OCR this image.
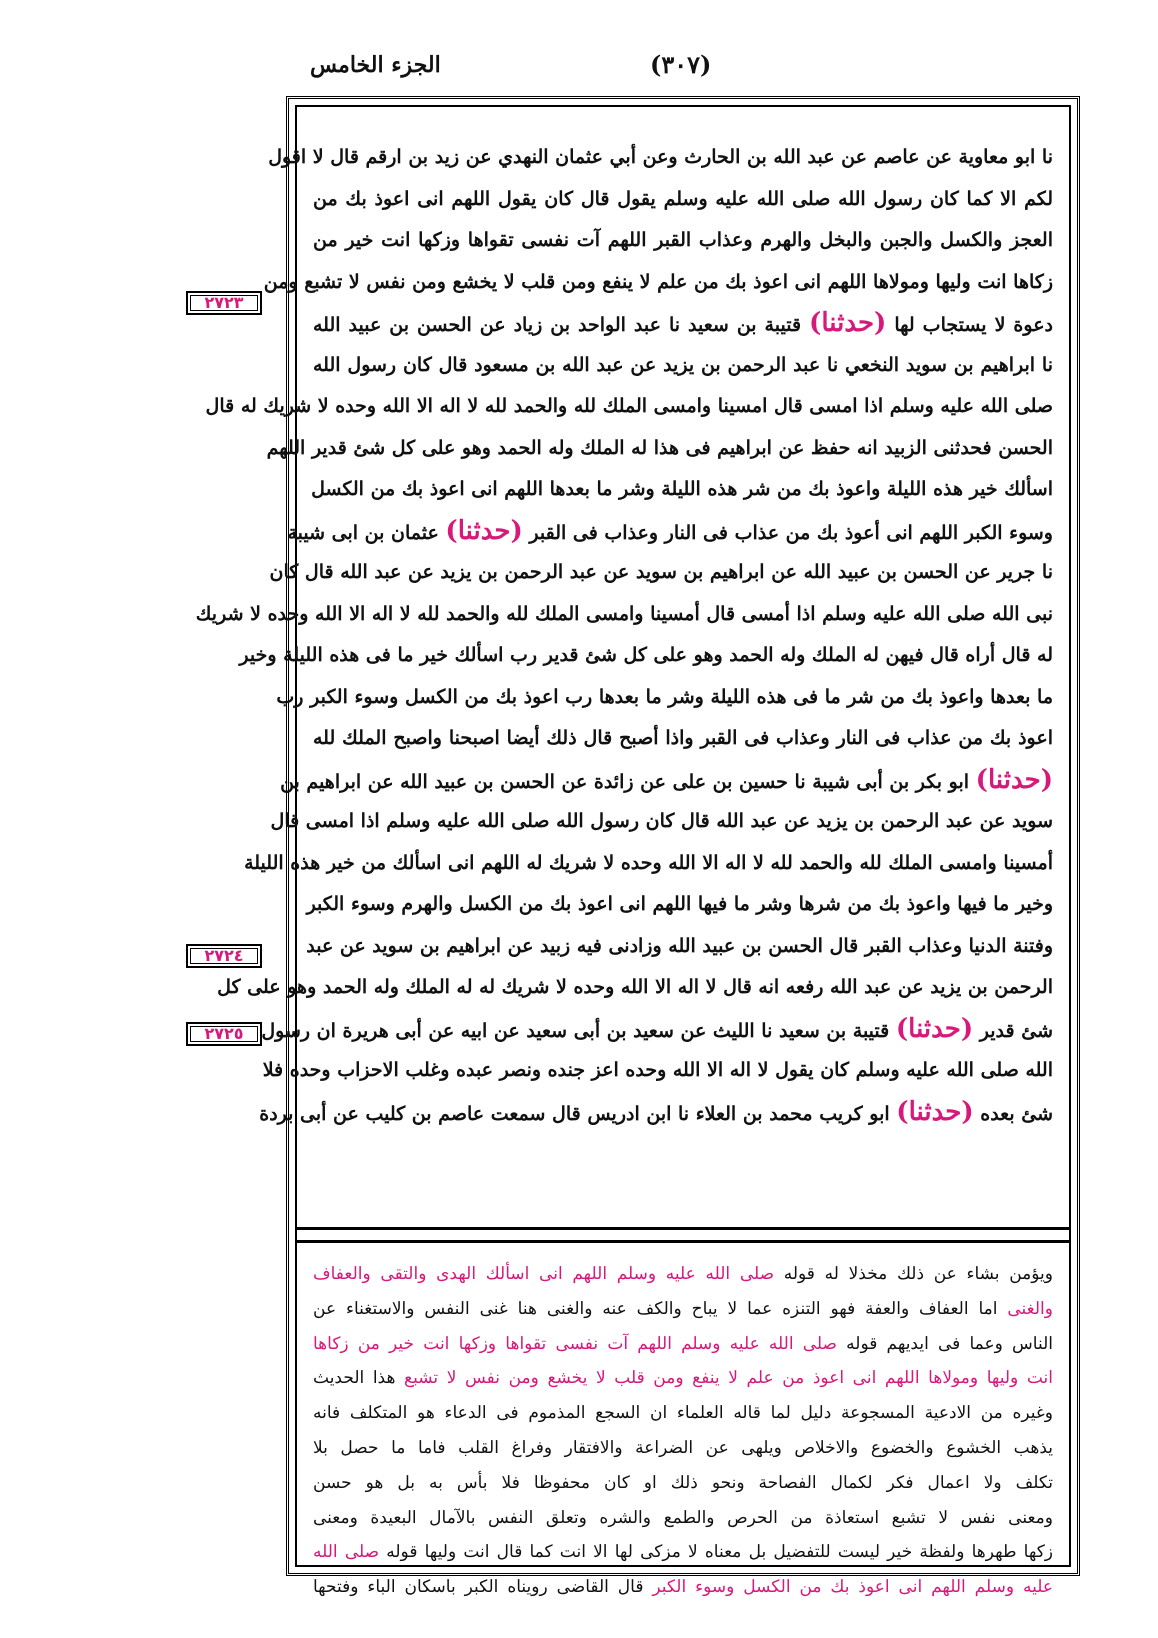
الجزء الخامس	(٣٠٧)
٢٧٢٣
٢٧٢٤
٢٧٢٥
نا ابو معاوية عن عاصم عن عبد الله بن الحارث وعن أبي عثمان النهدي عن زيد بن ارقم قال لا اقول
لكم الا كما كان رسول الله صلى الله عليه وسلم يقول قال كان يقول اللهم انى اعوذ بك من
العجز والكسل والجبن والبخل والهرم وعذاب القبر اللهم آت نفسى تقواها وزكها انت خير من
زكاها انت وليها ومولاها اللهم انى اعوذ بك من علم لا ينفع ومن قلب لا يخشع ومن نفس لا تشبع ومن
دعوة لا يستجاب لها (حدثنا) قتيبة بن سعيد نا عبد الواحد بن زياد عن الحسن بن عبيد الله
نا ابراهيم بن سويد النخعي نا عبد الرحمن بن يزيد عن عبد الله بن مسعود قال كان رسول الله
صلى الله عليه وسلم اذا امسى قال امسينا وامسى الملك لله والحمد لله لا اله الا الله وحده لا شريك له قال
الحسن فحدثنى الزبيد انه حفظ عن ابراهيم فى هذا له الملك وله الحمد وهو على كل شئ قدير اللهم
اسألك خير هذه الليلة واعوذ بك من شر هذه الليلة وشر ما بعدها اللهم انى اعوذ بك من الكسل
وسوء الكبر اللهم انى أعوذ بك من عذاب فى النار وعذاب فى القبر (حدثنا) عثمان بن ابى شيبة
نا جرير عن الحسن بن عبيد الله عن ابراهيم بن سويد عن عبد الرحمن بن يزيد عن عبد الله قال كان
نبى الله صلى الله عليه وسلم اذا أمسى قال أمسينا وامسى الملك لله والحمد لله لا اله الا الله وحده لا شريك
له قال أراه قال فيهن له الملك وله الحمد وهو على كل شئ قدير رب اسألك خير ما فى هذه الليلة وخير
ما بعدها واعوذ بك من شر ما فى هذه الليلة وشر ما بعدها رب اعوذ بك من الكسل وسوء الكبر رب
اعوذ بك من عذاب فى النار وعذاب فى القبر واذا أصبح قال ذلك أيضا اصبحنا واصبح الملك لله
(حدثنا) ابو بكر بن أبى شيبة نا حسين بن على عن زائدة عن الحسن بن عبيد الله عن ابراهيم بن
سويد عن عبد الرحمن بن يزيد عن عبد الله قال كان رسول الله صلى الله عليه وسلم اذا امسى قال
أمسينا وامسى الملك لله والحمد لله لا اله الا الله وحده لا شريك له اللهم انى اسألك من خير هذه الليلة
وخير ما فيها واعوذ بك من شرها وشر ما فيها اللهم انى اعوذ بك من الكسل والهرم وسوء الكبر
وفتنة الدنيا وعذاب القبر قال الحسن بن عبيد الله وزادنى فيه زبيد عن ابراهيم بن سويد عن عبد
الرحمن بن يزيد عن عبد الله رفعه انه قال لا اله الا الله وحده لا شريك له له الملك وله الحمد وهو على كل
شئ قدير (حدثنا) قتيبة بن سعيد نا الليث عن سعيد بن أبى سعيد عن ابيه عن أبى هريرة ان رسول
الله صلى الله عليه وسلم كان يقول لا اله الا الله وحده اعز جنده ونصر عبده وغلب الاحزاب وحده فلا
شئ بعده (حدثنا) ابو كريب محمد بن العلاء نا ابن ادريس قال سمعت عاصم بن كليب عن أبى بردة
ويؤمن بشاء عن ذلك مخذلا له قوله صلى الله عليه وسلم اللهم انى اسألك الهدى والتقى والعفاف
والغنى اما العفاف والعفة فهو التنزه عما لا يباح والكف عنه والغنى هنا غنى النفس والاستغناء عن
الناس وعما فى ايديهم قوله صلى الله عليه وسلم اللهم آت نفسى تقواها وزكها انت خير من زكاها
انت وليها ومولاها اللهم انى اعوذ من علم لا ينفع ومن قلب لا يخشع ومن نفس لا تشبع هذا الحديث
وغيره من الادعية المسجوعة دليل لما قاله العلماء ان السجع المذموم فى الدعاء هو المتكلف فانه
يذهب الخشوع والخضوع والاخلاص ويلهى عن الضراعة والافتقار وفراغ القلب فاما ما حصل بلا
تكلف ولا اعمال فكر لكمال الفصاحة ونحو ذلك او كان محفوظا فلا بأس به بل هو حسن
ومعنى نفس لا تشبع استعاذة من الحرص والطمع والشره وتعلق النفس بالآمال البعيدة ومعنى
زكها طهرها ولفظة خير ليست للتفضيل بل معناه لا مزكى لها الا انت كما قال انت وليها قوله صلى الله
عليه وسلم اللهم انى اعوذ بك من الكسل وسوء الكبر قال القاضى رويناه الكبر باسكان الباء وفتحها
